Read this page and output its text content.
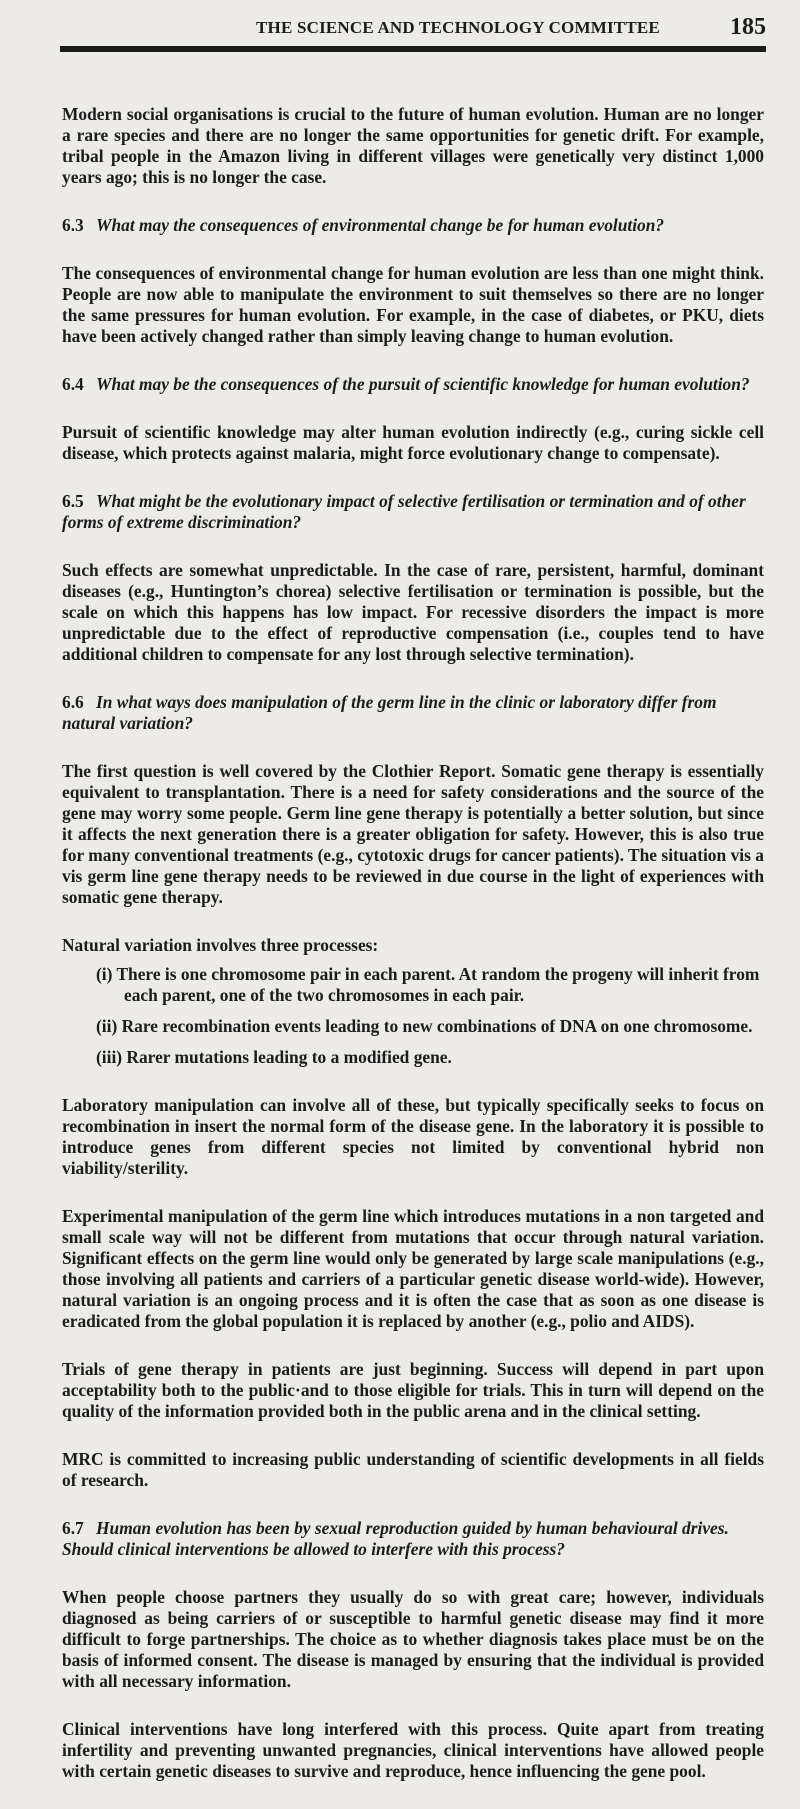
THE SCIENCE AND TECHNOLOGY COMMITTEE	185

Modern social organisations is crucial to the future of human evolution. Human are no longer a rare species and there are no longer the same opportunities for genetic drift. For example, tribal people in the Amazon living in different villages were genetically very distinct 1,000 years ago; this is no longer the case.

6.3 What may the consequences of environmental change be for human evolution?

The consequences of environmental change for human evolution are less than one might think. People are now able to manipulate the environment to suit themselves so there are no longer the same pressures for human evolution. For example, in the case of diabetes, or PKU, diets have been actively changed rather than simply leaving change to human evolution.

6.4 What may be the consequences of the pursuit of scientific knowledge for human evolution?

Pursuit of scientific knowledge may alter human evolution indirectly (e.g., curing sickle cell disease, which protects against malaria, might force evolutionary change to compensate).

6.5 What might be the evolutionary impact of selective fertilisation or termination and of other forms of extreme discrimination?

Such effects are somewhat unpredictable. In the case of rare, persistent, harmful, dominant diseases (e.g., Huntington’s chorea) selective fertilisation or termination is possible, but the scale on which this happens has low impact. For recessive disorders the impact is more unpredictable due to the effect of reproductive compensation (i.e., couples tend to have additional children to compensate for any lost through selective termination).

6.6 In what ways does manipulation of the germ line in the clinic or laboratory differ from natural variation?

The first question is well covered by the Clothier Report. Somatic gene therapy is essentially equivalent to transplantation. There is a need for safety considerations and the source of the gene may worry some people. Germ line gene therapy is potentially a better solution, but since it affects the next generation there is a greater obligation for safety. However, this is also true for many conventional treatments (e.g., cytotoxic drugs for cancer patients). The situation vis a vis germ line gene therapy needs to be reviewed in due course in the light of experiences with somatic gene therapy.

Natural variation involves three processes:

(i) There is one chromosome pair in each parent. At random the progeny will inherit from each parent, one of the two chromosomes in each pair.
(ii) Rare recombination events leading to new combinations of DNA on one chromosome.
(iii) Rarer mutations leading to a modified gene.

Laboratory manipulation can involve all of these, but typically specifically seeks to focus on recombination in insert the normal form of the disease gene. In the laboratory it is possible to introduce genes from different species not limited by conventional hybrid non viability/sterility.

Experimental manipulation of the germ line which introduces mutations in a non targeted and small scale way will not be different from mutations that occur through natural variation. Significant effects on the germ line would only be generated by large scale manipulations (e.g., those involving all patients and carriers of a particular genetic disease world-wide). However, natural variation is an ongoing process and it is often the case that as soon as one disease is eradicated from the global population it is replaced by another (e.g., polio and AIDS).

Trials of gene therapy in patients are just beginning. Success will depend in part upon acceptability both to the public·and to those eligible for trials. This in turn will depend on the quality of the information provided both in the public arena and in the clinical setting.

MRC is committed to increasing public understanding of scientific developments in all fields of research.

6.7 Human evolution has been by sexual reproduction guided by human behavioural drives. Should clinical interventions be allowed to interfere with this process?

When people choose partners they usually do so with great care; however, individuals diagnosed as being carriers of or susceptible to harmful genetic disease may find it more difficult to forge partnerships. The choice as to whether diagnosis takes place must be on the basis of informed consent. The disease is managed by ensuring that the individual is provided with all necessary information.

Clinical interventions have long interfered with this process. Quite apart from treating infertility and preventing unwanted pregnancies, clinical interventions have allowed people with certain genetic diseases to survive and reproduce, hence influencing the gene pool.
